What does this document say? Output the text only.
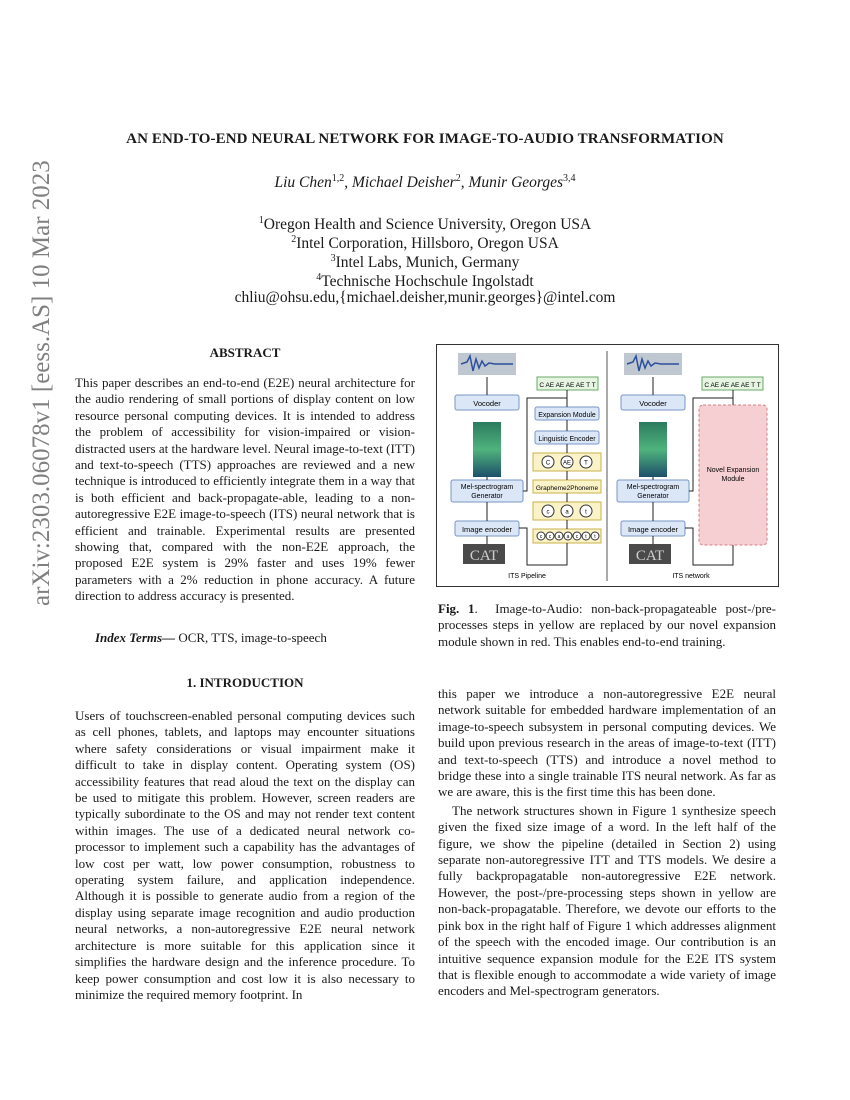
arXiv:2303.06078v1 [eess.AS] 10 Mar 2023
AN END-TO-END NEURAL NETWORK FOR IMAGE-TO-AUDIO TRANSFORMATION
Liu Chen$^{1,2}$, Michael Deisher$^2$, Munir Georges$^{3,4}$
$^1$Oregon Health and Science University, Oregon USA
$^2$Intel Corporation, Hillsboro, Oregon USA
$^3$Intel Labs, Munich, Germany
$^4$Technische Hochschule Ingolstadt
chliu@ohsu.edu,{michael.deisher,munir.georges}@intel.com
ABSTRACT

This paper describes an end-to-end (E2E) neural architecture for the audio rendering of small portions of display content on low resource personal computing devices. It is intended to address the problem of accessibility for vision-impaired or vision-distracted users at the hardware level. Neural image-to-text (ITT) and text-to-speech (TTS) approaches are reviewed and a new technique is introduced to efficiently integrate them in a way that is both efficient and back-propagate-able, leading to a non-autoregressive E2E image-to-speech (ITS) neural network that is efficient and trainable. Experimental results are presented showing that, compared with the non-E2E approach, the proposed E2E system is 29% faster and uses 19% fewer parameters with a 2% reduction in phone accuracy. A future direction to address accuracy is presented.

Index Terms— OCR, TTS, image-to-speech
1. INTRODUCTION

Users of touchscreen-enabled personal computing devices such as cell phones, tablets, and laptops may encounter situations where safety considerations or visual impairment make it difficult to take in display content. Operating system (OS) accessibility features that read aloud the text on the display can be used to mitigate this problem. However, screen readers are typically subordinate to the OS and may not render text content within images. The use of a dedicated neural network co-processor to implement such a capability has the advantages of low cost per watt, low power consumption, robustness to operating system failure, and application independence. Although it is possible to generate audio from a region of the display using separate image recognition and audio production neural networks, a non-autoregressive E2E neural network architecture is more suitable for this application since it simplifies the hardware design and the inference procedure. To keep power consumption and cost low it is also necessary to minimize the required memory footprint. In

Vocoder
Mel-spectrogram
Generator
Image encoder
CAT
ITS Pipeline
C AE AE AE AE T T
Expansion Module
Linguistic Encoder
C AE T
Grapheme2Phoneme
c	a	t
c c a a c t t
Vocoder
Mel-spectrogram
Generator
Image encoder
CAT
ITS network
C AE AE AE AE T T
Novel Expansion
Module
Fig. 1.  Image-to-Audio: non-back-propagateable post-/pre-processes steps in yellow are replaced by our novel expansion module shown in red. This enables end-to-end training.

this paper we introduce a non-autoregressive E2E neural network suitable for embedded hardware implementation of an image-to-speech subsystem in personal computing devices. We build upon previous research in the areas of image-to-text (ITT) and text-to-speech (TTS) and introduce a novel method to bridge these into a single trainable ITS neural network. As far as we are aware, this is the first time this has been done.

The network structures shown in Figure 1 synthesize speech given the fixed size image of a word. In the left half of the figure, we show the pipeline (detailed in Section 2) using separate non-autoregressive ITT and TTS models. We desire a fully backpropagatable non-autoregressive E2E network. However, the post-/pre-processing steps shown in yellow are non-back-propagatable. Therefore, we devote our efforts to the pink box in the right half of Figure 1 which addresses alignment of the speech with the encoded image. Our contribution is an intuitive sequence expansion module for the E2E ITS system that is flexible enough to accommodate a wide variety of image encoders and Mel-spectrogram generators.
